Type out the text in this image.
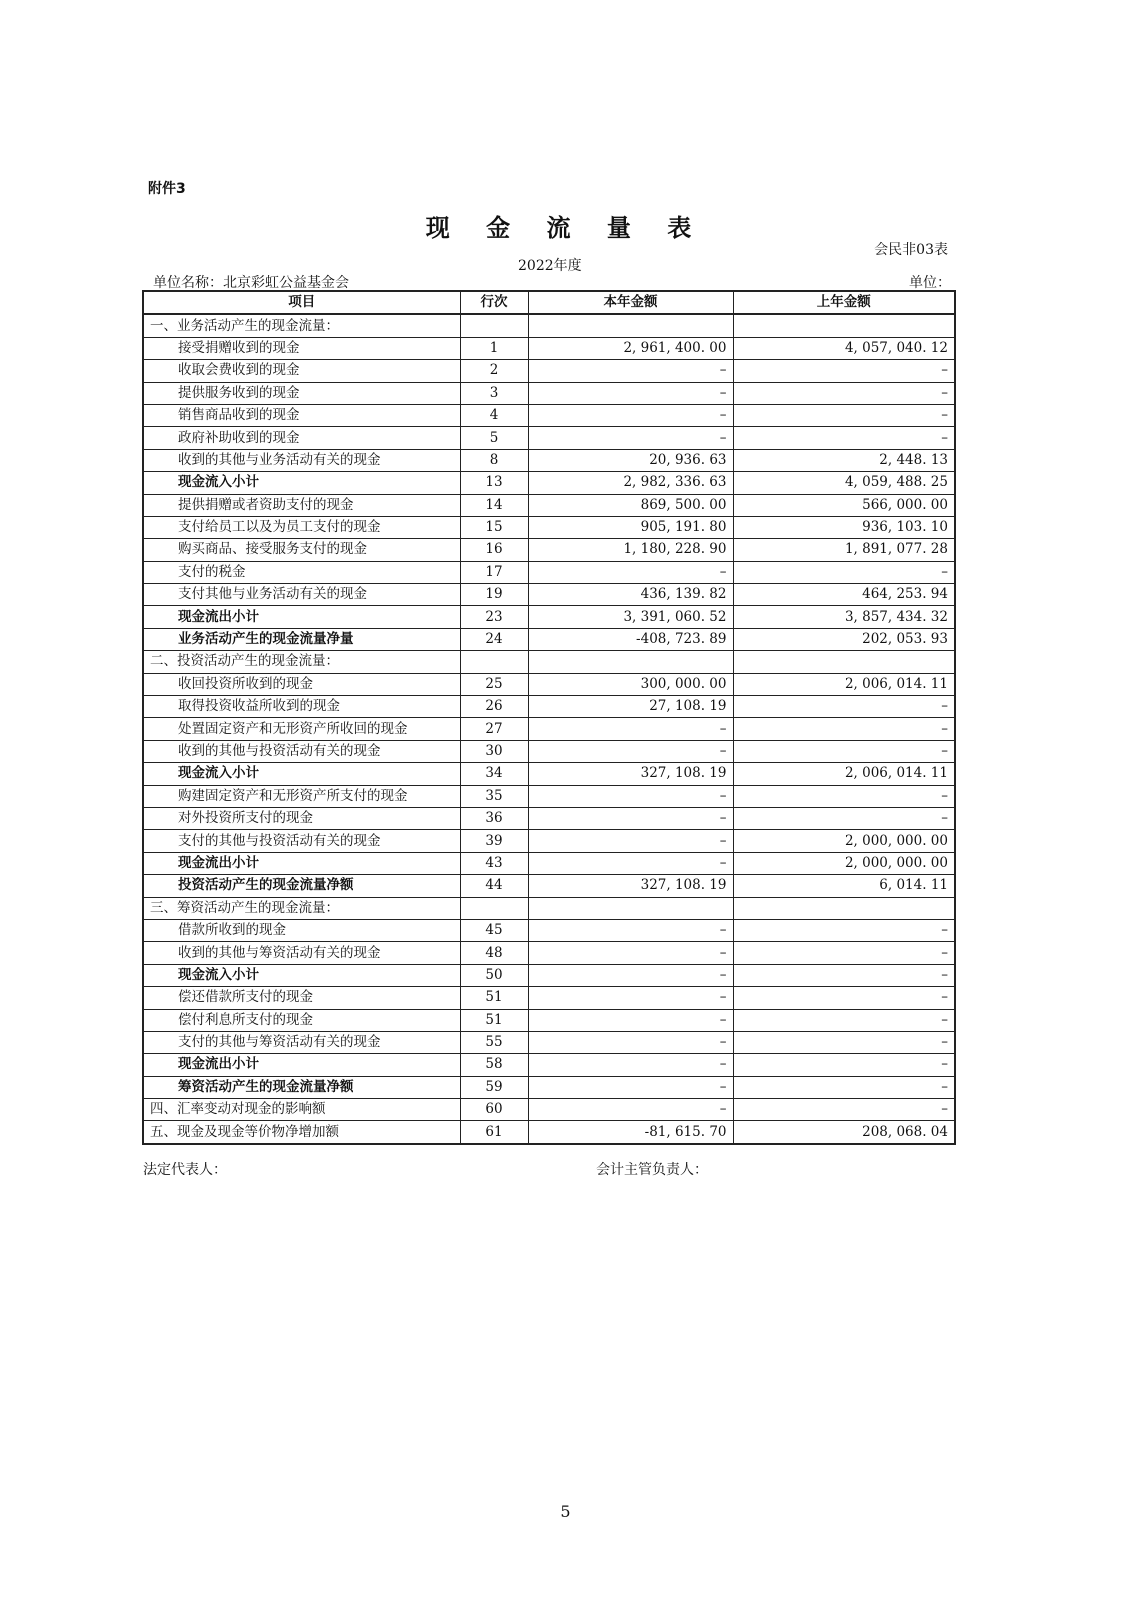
附件3
现 金 流 量 表
会民非03表
2022年度
单位名称：北京彩虹公益基金会	单位：
项目	行次	本年金额	上年金额
一、业务活动产生的现金流量：			
接受捐赠收到的现金	1	2, 961, 400. 00	4, 057, 040. 12
收取会费收到的现金	2	–	–
提供服务收到的现金	3	–	–
销售商品收到的现金	4	–	–
政府补助收到的现金	5	–	–
收到的其他与业务活动有关的现金	8	20, 936. 63	2, 448. 13
现金流入小计	13	2, 982, 336. 63	4, 059, 488. 25
提供捐赠或者资助支付的现金	14	869, 500. 00	566, 000. 00
支付给员工以及为员工支付的现金	15	905, 191. 80	936, 103. 10
购买商品、接受服务支付的现金	16	1, 180, 228. 90	1, 891, 077. 28
支付的税金	17	–	–
支付其他与业务活动有关的现金	19	436, 139. 82	464, 253. 94
现金流出小计	23	3, 391, 060. 52	3, 857, 434. 32
业务活动产生的现金流量净量	24	-408, 723. 89	202, 053. 93
二、投资活动产生的现金流量：			
收回投资所收到的现金	25	300, 000. 00	2, 006, 014. 11
取得投资收益所收到的现金	26	27, 108. 19	–
处置固定资产和无形资产所收回的现金	27	–	–
收到的其他与投资活动有关的现金	30	–	–
现金流入小计	34	327, 108. 19	2, 006, 014. 11
购建固定资产和无形资产所支付的现金	35	–	–
对外投资所支付的现金	36	–	–
支付的其他与投资活动有关的现金	39	–	2, 000, 000. 00
现金流出小计	43	–	2, 000, 000. 00
投资活动产生的现金流量净额	44	327, 108. 19	6, 014. 11
三、筹资活动产生的现金流量：			
借款所收到的现金	45	–	–
收到的其他与筹资活动有关的现金	48	–	–
现金流入小计	50	–	–
偿还借款所支付的现金	51	–	–
偿付利息所支付的现金	51	–	–
支付的其他与筹资活动有关的现金	55	–	–
现金流出小计	58	–	–
筹资活动产生的现金流量净额	59	–	–
四、汇率变动对现金的影响额	60	–	–
五、现金及现金等价物净增加额	61	-81, 615. 70	208, 068. 04
法定代表人：	会计主管负责人：
5
